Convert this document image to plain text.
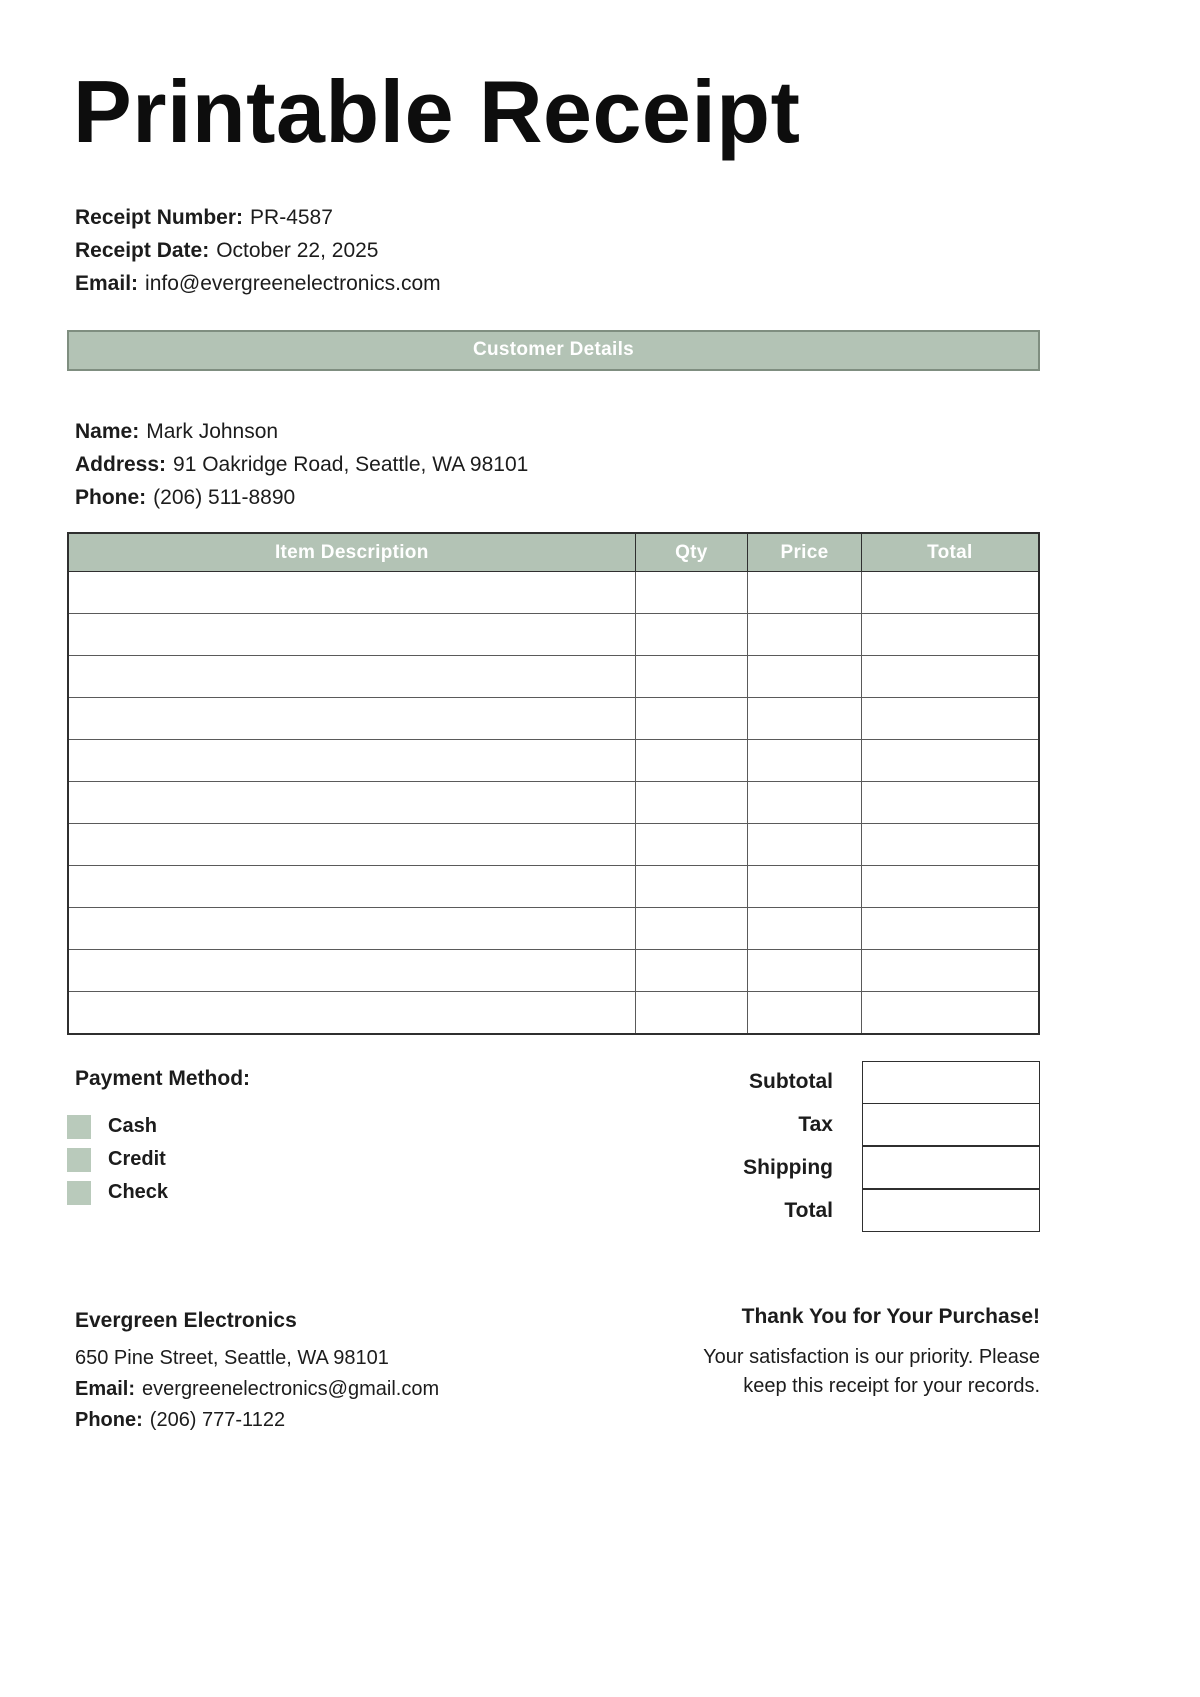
Printable Receipt
Receipt Number: PR-4587
Receipt Date: October 22, 2025
Email: info@evergreenelectronics.com
Customer Details
Name: Mark Johnson
Address: 91 Oakridge Road, Seattle, WA 98101
Phone: (206) 511-8890
Item Description	Qty	Price	Total

Payment Method:
Cash
Credit
Check
Subtotal
Tax
Shipping
Total
Evergreen Electronics
650 Pine Street, Seattle, WA 98101
Email: evergreenelectronics@gmail.com
Phone: (206) 777-1122
Thank You for Your Purchase!
Your satisfaction is our priority. Please keep this receipt for your records.
